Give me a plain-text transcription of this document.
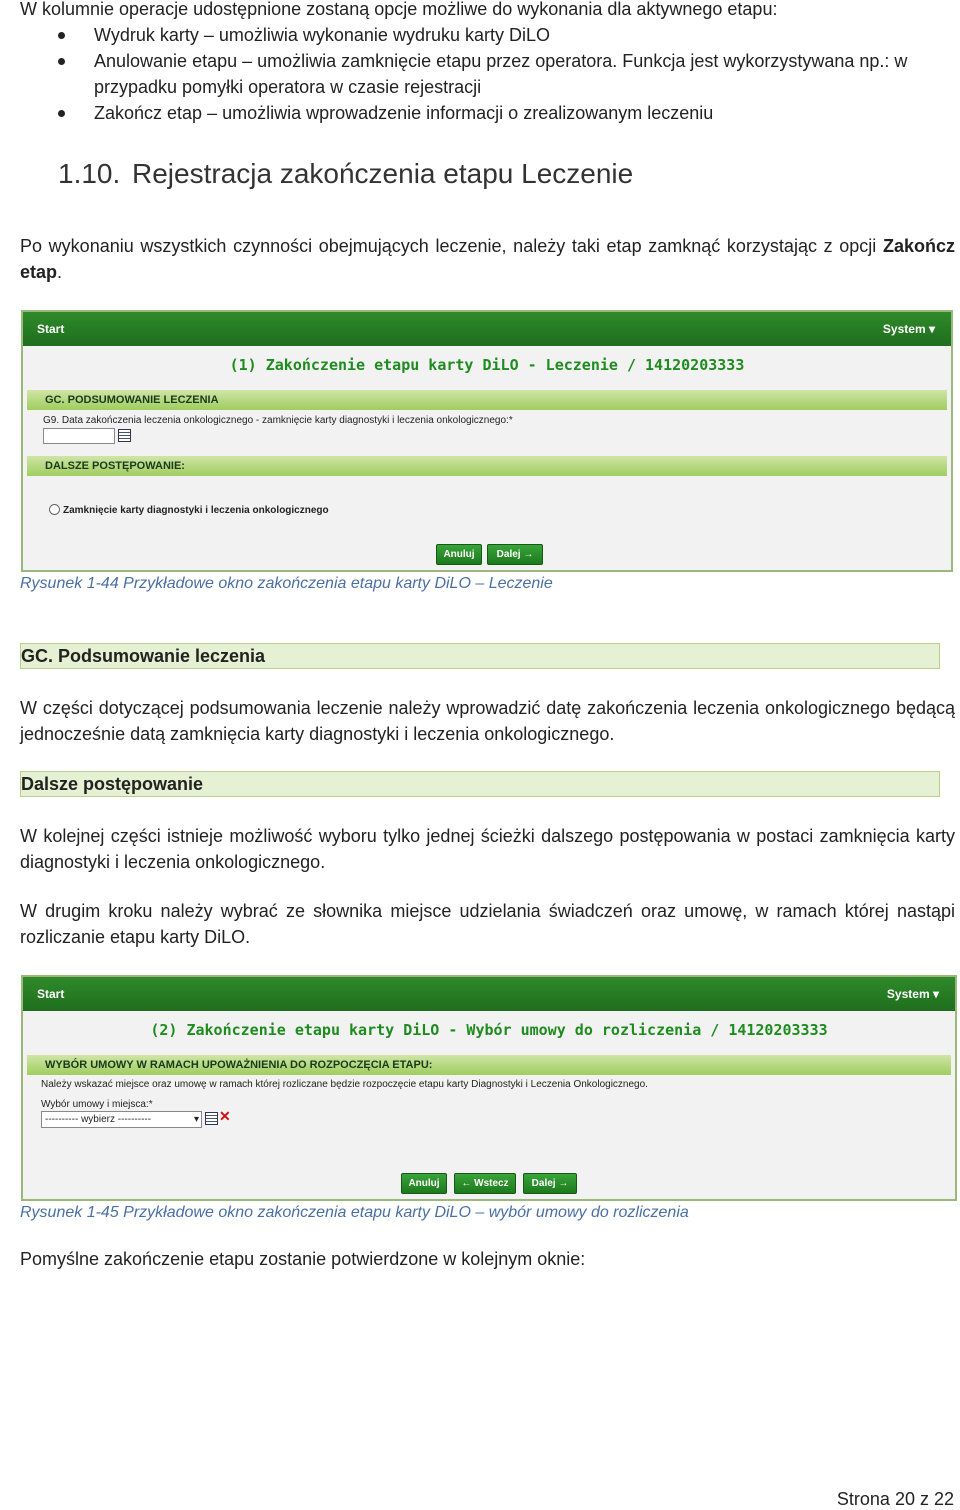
W kolumnie operacje udostępnione zostaną opcje możliwe do wykonania dla aktywnego etapu:
Wydruk karty – umożliwia wykonanie wydruku karty DiLO
Anulowanie etapu – umożliwia zamknięcie etapu przez operatora. Funkcja jest wykorzystywana np.: w przypadku pomyłki operatora w czasie rejestracji
Zakończ etap – umożliwia wprowadzenie informacji o zrealizowanym leczeniu
1.10. Rejestracja zakończenia etapu Leczenie
Po wykonaniu wszystkich czynności obejmujących leczenie, należy taki etap zamknąć korzystając z opcji Zakończ etap.
Start	System ▾
(1) Zakończenie etapu karty DiLO - Leczenie / 14120203333
GC. PODSUMOWANIE LECZENIA
G9. Data zakończenia leczenia onkologicznego - zamknięcie karty diagnostyki i leczenia onkologicznego:*
DALSZE POSTĘPOWANIE:
Zamknięcie karty diagnostyki i leczenia onkologicznego
Anuluj	Dalej →
Rysunek 1-44 Przykładowe okno zakończenia etapu karty DiLO – Leczenie
GC. Podsumowanie leczenia
W części dotyczącej podsumowania leczenie należy wprowadzić datę zakończenia leczenia onkologicznego będącą jednocześnie datą zamknięcia karty diagnostyki i leczenia onkologicznego.
Dalsze postępowanie
W kolejnej części istnieje możliwość wyboru tylko jednej ścieżki dalszego postępowania w postaci zamknięcia karty diagnostyki i leczenia onkologicznego.
W drugim kroku należy wybrać ze słownika miejsce udzielania świadczeń oraz umowę, w ramach której nastąpi rozliczanie etapu karty DiLO.
Start	System ▾
(2) Zakończenie etapu karty DiLO - Wybór umowy do rozliczenia / 14120203333
WYBÓR UMOWY W RAMACH UPOWAŻNIENIA DO ROZPOCZĘCIA ETAPU:
Należy wskazać miejsce oraz umowę w ramach której rozliczane będzie rozpoczęcie etapu karty Diagnostyki i Leczenia Onkologicznego.
Wybór umowy i miejsca:*
---------- wybierz ----------	▾ ✕
Anuluj	← Wstecz	Dalej →
Rysunek 1-45 Przykładowe okno zakończenia etapu karty DiLO – wybór umowy do rozliczenia
Pomyślne zakończenie etapu zostanie potwierdzone w kolejnym oknie:
Strona 20 z 22
